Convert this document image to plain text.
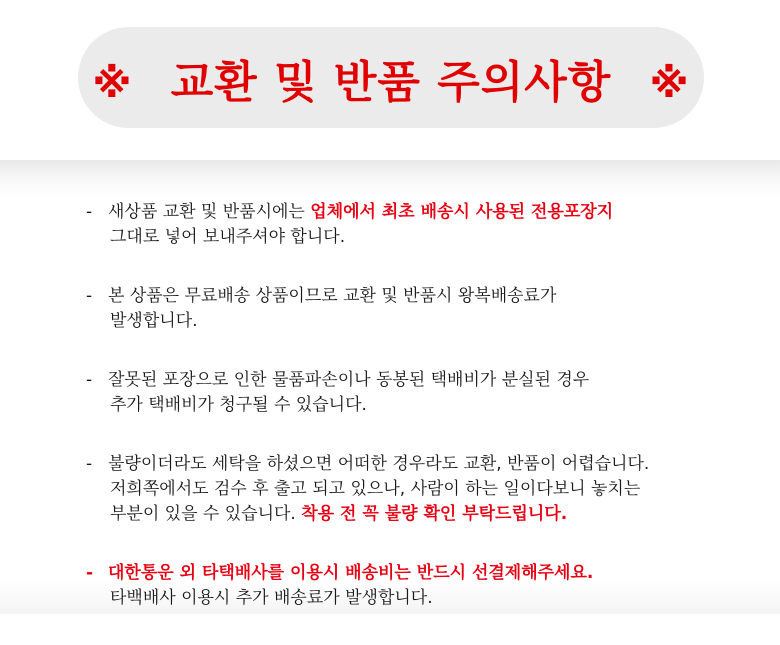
※ 교환 및 반품 주의사항 ※
- 새상품 교환 및 반품시에는 업체에서 최초 배송시 사용된 전용포장지
그대로 넣어 보내주셔야 합니다.
- 본 상품은 무료배송 상품이므로 교환 및 반품시 왕복배송료가
발생합니다.
- 잘못된 포장으로 인한 물품파손이나 동봉된 택배비가 분실된 경우
추가 택배비가 청구될 수 있습니다.
- 불량이더라도 세탁을 하셨으면 어떠한 경우라도 교환, 반품이 어렵습니다.
저희쪽에서도 검수 후 출고 되고 있으나, 사람이 하는 일이다보니 놓치는
부분이 있을 수 있습니다. 착용 전 꼭 불량 확인 부탁드립니다.
- 대한통운 외 타택배사를 이용시 배송비는 반드시 선결제해주세요.
타백배사 이용시 추가 배송료가 발생합니다.
